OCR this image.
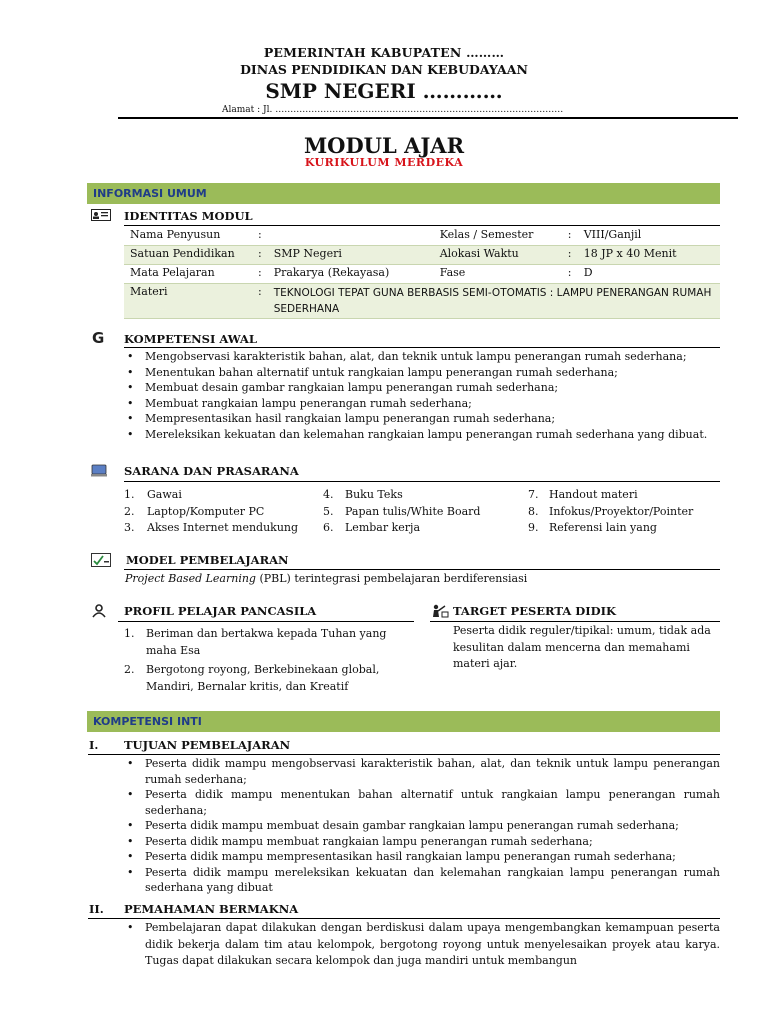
PEMERINTAH KABUPATEN ………
DINAS PENDIDIKAN DAN KEBUDAYAAN
SMP NEGERI …………
Alamat : Jl. ……………………………………………………………………………………
MODUL AJAR
KURIKULUM MERDEKA
INFORMASI UMUM
IDENTITAS MODUL
Nama Penyusun	:		Kelas / Semester	:	VIII/Ganjil
Satuan Pendidikan	:	SMP Negeri	Alokasi Waktu	:	18 JP x 40 Menit
Mata Pelajaran	:	Prakarya (Rekayasa)	Fase	:	D
Materi	:	TEKNOLOGI TEPAT GUNA BERBASIS SEMI-OTOMATIS : LAMPU PENERANGAN RUMAH SEDERHANA			
G	KOMPETENSI AWAL
• Mengobservasi karakteristik bahan, alat, dan teknik untuk lampu penerangan rumah sederhana;
• Menentukan bahan alternatif untuk rangkaian lampu penerangan rumah sederhana;
• Membuat desain gambar rangkaian lampu penerangan rumah sederhana;
• Membuat rangkaian lampu penerangan rumah sederhana;
• Mempresentasikan hasil rangkaian lampu penerangan rumah sederhana;
• Mereleksikan kekuatan dan kelemahan rangkaian lampu penerangan rumah sederhana yang dibuat.
SARANA DAN PRASARANA
1. Gawai
2. Laptop/Komputer PC
3. Akses Internet mendukung
4. Buku Teks
5. Papan tulis/White Board
6. Lembar kerja
7. Handout materi
8. Infokus/Proyektor/Pointer
9. Referensi lain yang
MODEL PEMBELAJARAN
Project Based Learning (PBL) terintegrasi pembelajaran berdiferensiasi
PROFIL PELAJAR PANCASILA
1.	Beriman dan bertakwa kepada Tuhan yang maha Esa
2.	Bergotong royong, Berkebinekaan global, Mandiri, Bernalar kritis, dan Kreatif
TARGET PESERTA DIDIK
Peserta didik reguler/tipikal: umum, tidak ada kesulitan dalam mencerna dan memahami materi ajar.
KOMPETENSI INTI
I. TUJUAN PEMBELAJARAN
• Peserta didik mampu mengobservasi karakteristik bahan, alat, dan teknik untuk lampu penerangan rumah sederhana;
• Peserta didik mampu menentukan bahan alternatif untuk rangkaian lampu penerangan rumah sederhana;
• Peserta didik mampu membuat desain gambar rangkaian lampu penerangan rumah sederhana;
• Peserta didik mampu membuat rangkaian lampu penerangan rumah sederhana;
• Peserta didik mampu mempresentasikan hasil rangkaian lampu penerangan rumah sederhana;
• Peserta didik mampu mereleksikan kekuatan dan kelemahan rangkaian lampu penerangan rumah sederhana yang dibuat
II. PEMAHAMAN BERMAKNA
• Pembelajaran dapat dilakukan dengan berdiskusi dalam upaya mengembangkan kemampuan peserta didik bekerja dalam tim atau kelompok, bergotong royong untuk menyelesaikan proyek atau karya. Tugas dapat dilakukan secara kelompok dan juga mandiri untuk membangun
